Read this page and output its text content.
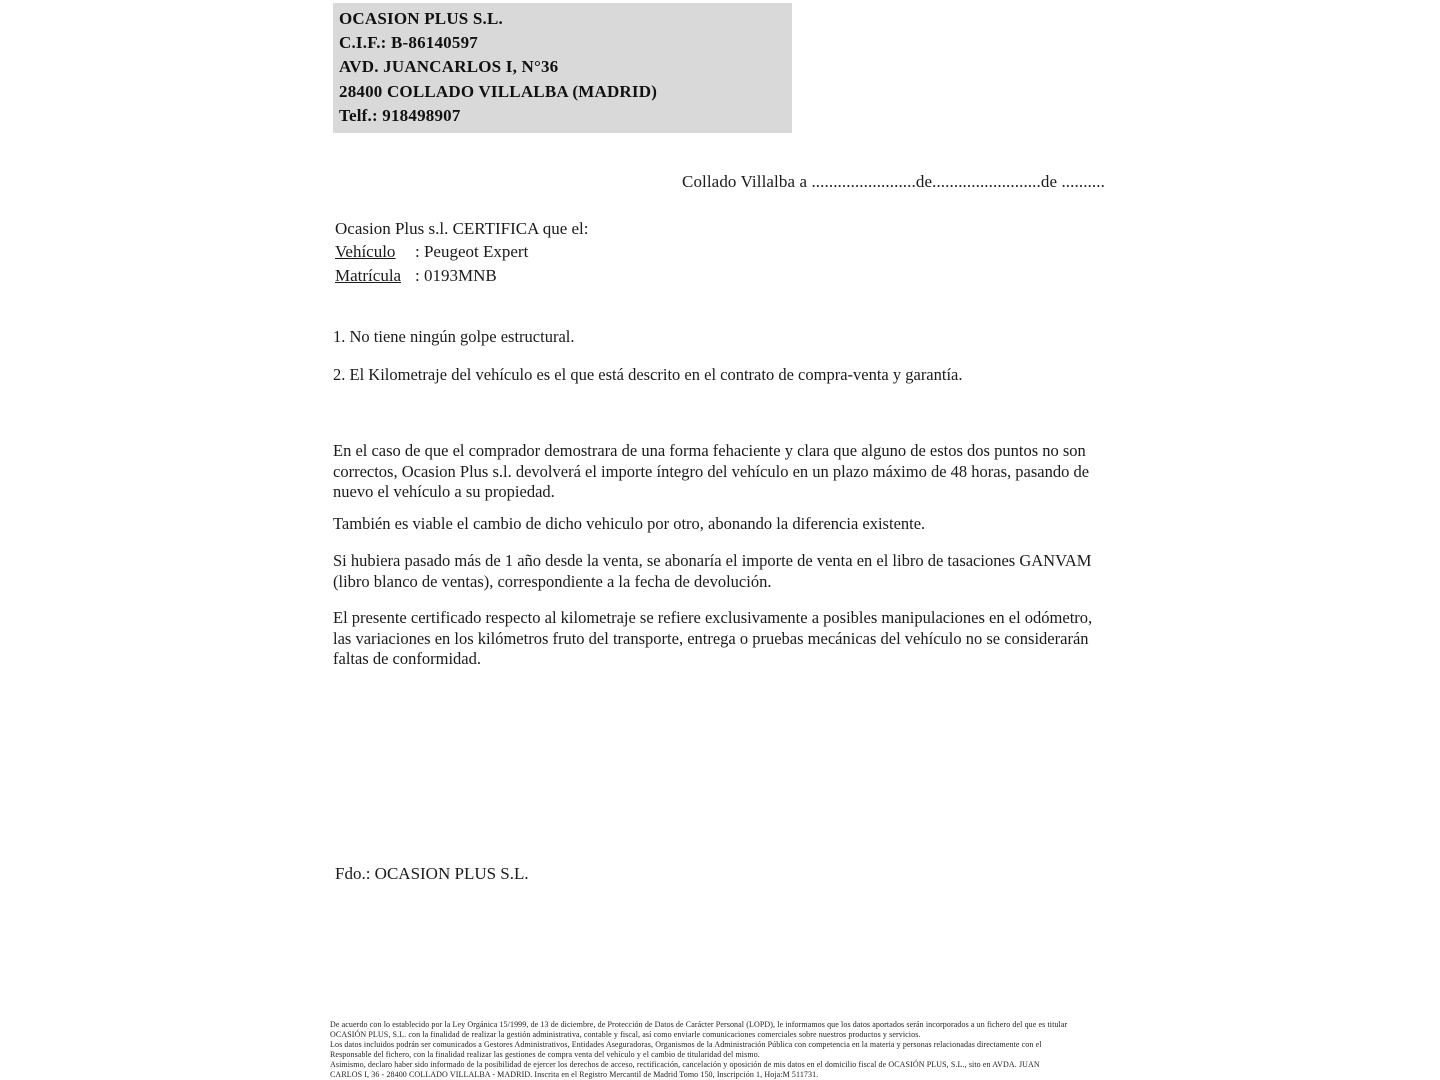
OCASION PLUS S.L.
C.I.F.: B-86140597
AVD. JUANCARLOS I, N°36
28400 COLLADO VILLALBA (MADRID)
Telf.: 918498907
Collado Villalba a ........................de.........................de ..........
Ocasion Plus s.l. CERTIFICA que el:
Vehículo : Peugeot Expert
Matrícula : 0193MNB
1. No tiene ningún golpe estructural.
2. El Kilometraje del vehículo es el que está descrito en el contrato de compra-venta y garantía.

En el caso de que el comprador demostrara de una forma fehaciente y clara que alguno de estos dos puntos no son correctos, Ocasion Plus s.l. devolverá el importe íntegro del vehículo en un plazo máximo de 48 horas, pasando de nuevo el vehículo a su propiedad.

También es viable el cambio de dicho vehiculo por otro, abonando la diferencia existente.

Si hubiera pasado más de 1 año desde la venta, se abonaría el importe de venta en el libro de tasaciones GANVAM (libro blanco de ventas), correspondiente a la fecha de devolución.

El presente certificado respecto al kilometraje se refiere exclusivamente a posibles manipulaciones en el odómetro, las variaciones en los kilómetros fruto del transporte, entrega o pruebas mecánicas del vehículo no se considerarán faltas de conformidad.

Fdo.: OCASION PLUS S.L.
De acuerdo con lo establecido por la Ley Orgánica 15/1999, de 13 de diciembre, de Protección de Datos de Carácter Personal (LOPD), le informamos que los datos aportados serán incorporados a un fichero del que es titular
OCASIÓN PLUS, S.L. con la finalidad de realizar la gestión administrativa, contable y fiscal, así como enviarle comunicaciones comerciales sobre nuestros productos y servicios.
Los datos incluidos podrán ser comunicados a Gestores Administrativos, Entidades Aseguradoras, Organismos de la Administración Pública con competencia en la materia y personas relacionadas directamente con el
Responsable del fichero, con la finalidad realizar las gestiones de compra venta del vehículo y el cambio de titularidad del mismo.
Asimismo, declaro haber sido informado de la posibilidad de ejercer los derechos de acceso, rectificación, cancelación y oposición de mis datos en el domicilio fiscal de OCASIÓN PLUS, S.L., sito en AVDA. JUAN
CARLOS I, 36 - 28400 COLLADO VILLALBA - MADRID. Inscrita en el Registro Mercantil de Madrid Tomo 150, Inscripción 1, Hoja:M 511731.
